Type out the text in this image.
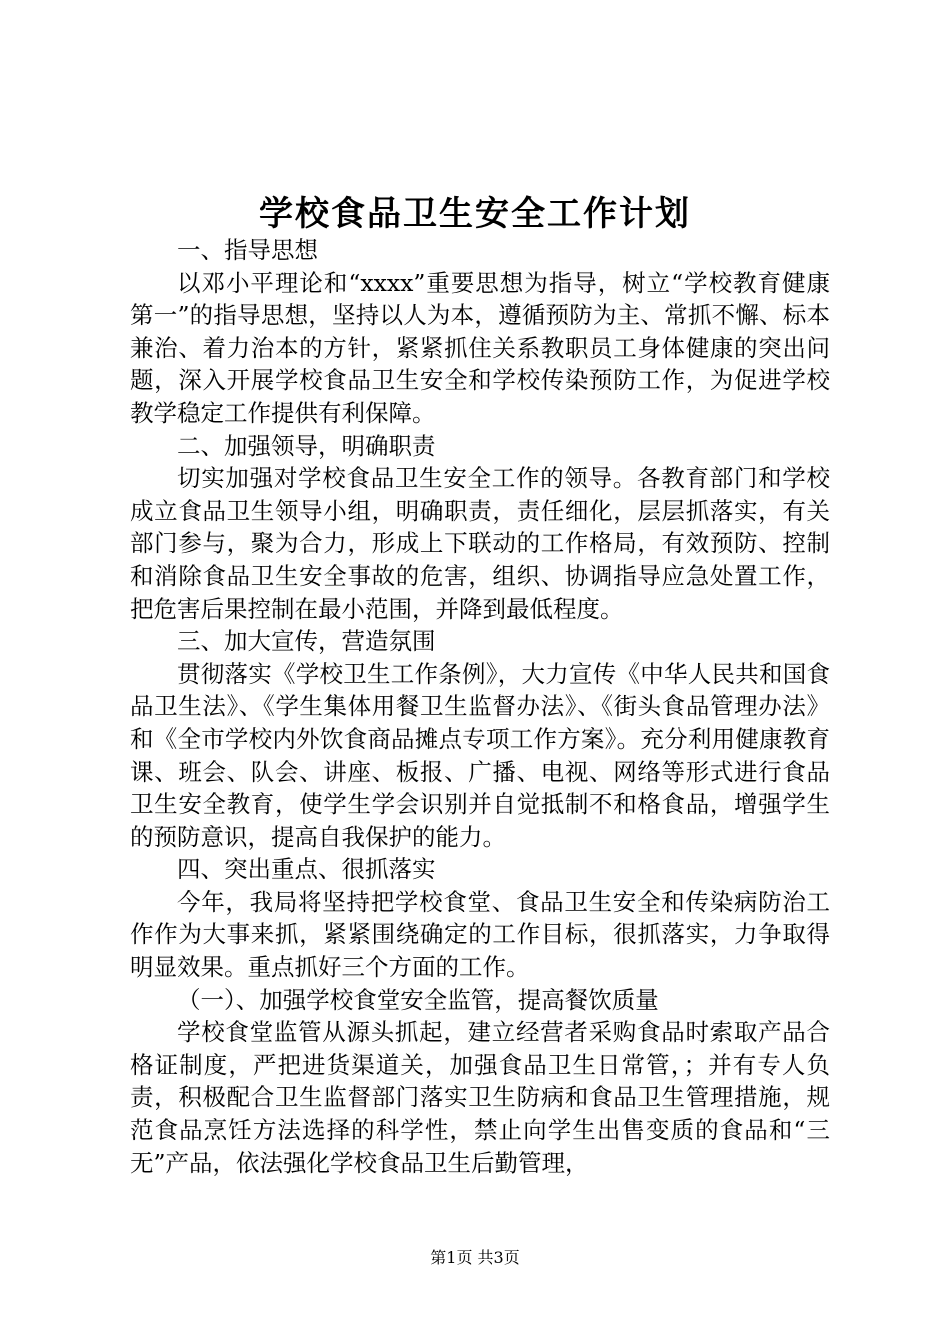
学校食品卫生安全工作计划

一、指导思想

以邓小平理论和“xxxx”重要思想为指导，树立“学校教育健康第一”的指导思想，坚持以人为本，遵循预防为主、常抓不懈、标本兼治、着力治本的方针，紧紧抓住关系教职员工身体健康的突出问题，深入开展学校食品卫生安全和学校传染预防工作，为促进学校教学稳定工作提供有利保障。

二、加强领导，明确职责

切实加强对学校食品卫生安全工作的领导。各教育部门和学校成立食品卫生领导小组，明确职责，责任细化，层层抓落实，有关部门参与，聚为合力，形成上下联动的工作格局，有效预防、控制和消除食品卫生安全事故的危害，组织、协调指导应急处置工作，把危害后果控制在最小范围，并降到最低程度。

三、加大宣传，营造氛围

贯彻落实《学校卫生工作条例》，大力宣传《中华人民共和国食品卫生法》、《学生集体用餐卫生监督办法》、《街头食品管理办法》和《全市学校内外饮食商品摊点专项工作方案》。充分利用健康教育课、班会、队会、讲座、板报、广播、电视、网络等形式进行食品卫生安全教育，使学生学会识别并自觉抵制不和格食品，增强学生的预防意识，提高自我保护的能力。

四、突出重点、很抓落实

今年，我局将坚持把学校食堂、食品卫生安全和传染病防治工作作为大事来抓，紧紧围绕确定的工作目标，很抓落实，力争取得明显效果。重点抓好三个方面的工作。

（一）、加强学校食堂安全监管，提高餐饮质量

学校食堂监管从源头抓起，建立经营者采购食品时索取产品合格证制度，严把进货渠道关，加强食品卫生日常管，；并有专人负责，积极配合卫生监督部门落实卫生防病和食品卫生管理措施，规范食品烹饪方法选择的科学性，禁止向学生出售变质的食品和“三无”产品，依法强化学校食品卫生后勤管理，

第1页 共3页
